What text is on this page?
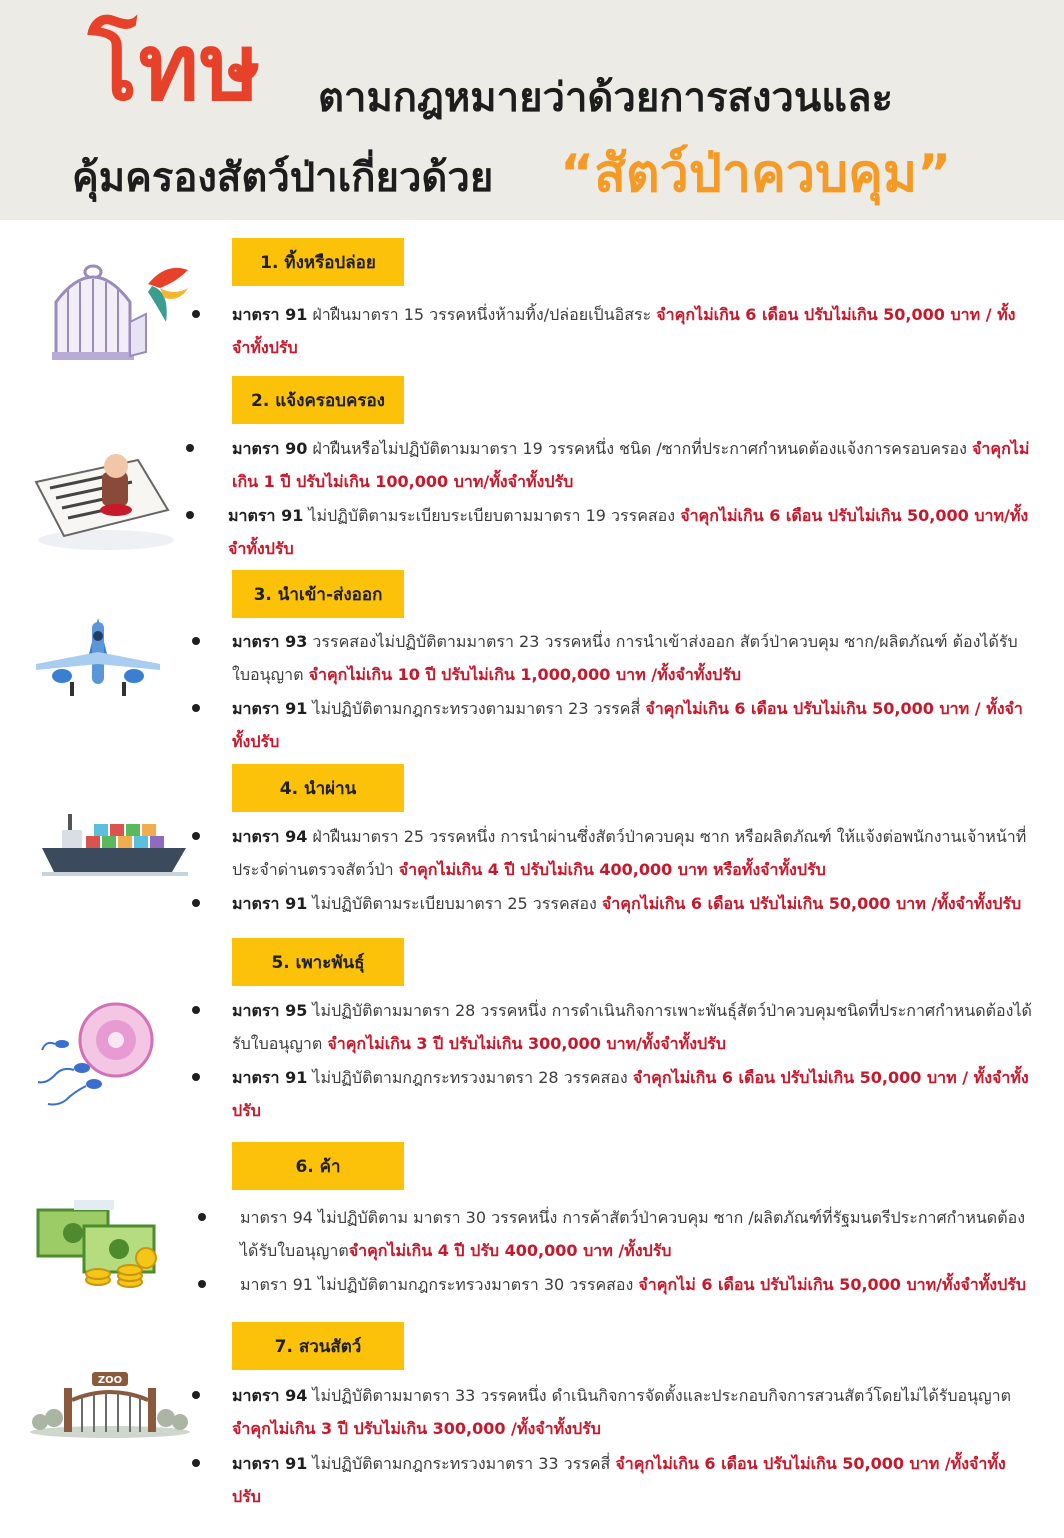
โทษ ตามกฎหมายว่าด้วยการสงวนและ
คุ้มครองสัตว์ป่าเกี่ยวด้วย “สัตว์ป่าควบคุม”
1. ทิ้งหรือปล่อย
มาตรา 91 ฝ่าฝืนมาตรา 15 วรรคหนึ่งห้ามทิ้ง/ปล่อยเป็นอิสระ จำคุกไม่เกิน 6 เดือน ปรับไม่เกิน 50,000 บาท / ทั้งจำทั้งปรับ
2. แจ้งครอบครอง
มาตรา 90 ฝ่าฝืนหรือไม่ปฏิบัติตามมาตรา 19 วรรคหนึ่ง ชนิด /ซากที่ประกาศกำหนดต้องแจ้งการครอบครอง จำคุกไม่เกิน 1 ปี ปรับไม่เกิน 100,000 บาท/ทั้งจำทั้งปรับ
มาตรา 91 ไม่ปฏิบัติตามระเบียบระเบียบตามมาตรา 19 วรรคสอง จำคุกไม่เกิน 6 เดือน ปรับไม่เกิน 50,000 บาท/ทั้งจำทั้งปรับ
3. นำเข้า-ส่งออก
มาตรา 93 วรรคสองไม่ปฏิบัติตามมาตรา 23 วรรคหนึ่ง การนำเข้าส่งออก สัตว์ป่าควบคุม ซาก/ผลิตภัณฑ์ ต้องได้รับใบอนุญาต จำคุกไม่เกิน 10 ปี ปรับไม่เกิน 1,000,000 บาท /ทั้งจำทั้งปรับ
มาตรา 91 ไม่ปฏิบัติตามกฎกระทรวงตามมาตรา 23 วรรคสี่ จำคุกไม่เกิน 6 เดือน ปรับไม่เกิน 50,000 บาท / ทั้งจำทั้งปรับ
4. นำผ่าน
มาตรา 94 ฝ่าฝืนมาตรา 25 วรรคหนึ่ง การนำผ่านซึ่งสัตว์ป่าควบคุม ซาก หรือผลิตภัณฑ์ ให้แจ้งต่อพนักงานเจ้าหน้าที่ประจำด่านตรวจสัตว์ป่า จำคุกไม่เกิน 4 ปี ปรับไม่เกิน 400,000 บาท หรือทั้งจำทั้งปรับ
มาตรา 91 ไม่ปฏิบัติตามระเบียบมาตรา 25 วรรคสอง จำคุกไม่เกิน 6 เดือน ปรับไม่เกิน 50,000 บาท /ทั้งจำทั้งปรับ
5. เพาะพันธุ์
มาตรา 95 ไม่ปฏิบัติตามมาตรา 28 วรรคหนึ่ง การดำเนินกิจการเพาะพันธุ์สัตว์ป่าควบคุมชนิดที่ประกาศกำหนดต้องได้รับใบอนุญาต จำคุกไม่เกิน 3 ปี ปรับไม่เกิน 300,000 บาท/ทั้งจำทั้งปรับ
มาตรา 91 ไม่ปฏิบัติตามกฎกระทรวงมาตรา 28 วรรคสอง จำคุกไม่เกิน 6 เดือน ปรับไม่เกิน 50,000 บาท / ทั้งจำทั้งปรับ
6. ค้า
มาตรา 94 ไม่ปฏิบัติตาม มาตรา 30 วรรคหนึ่ง การค้าสัตว์ป่าควบคุม ซาก /ผลิตภัณฑ์ที่รัฐมนตรีประกาศกำหนดต้องได้รับใบอนุญาตจำคุกไม่เกิน 4 ปี ปรับ 400,000 บาท /ทั้งปรับ
มาตรา 91 ไม่ปฏิบัติตามกฎกระทรวงมาตรา 30 วรรคสอง จำคุกไม่ 6 เดือน ปรับไม่เกิน 50,000 บาท/ทั้งจำทั้งปรับ
ZOO
7. สวนสัตว์
มาตรา 94 ไม่ปฏิบัติตามมาตรา 33 วรรคหนึ่ง ดำเนินกิจการจัดตั้งและประกอบกิจการสวนสัตว์โดยไม่ได้รับอนุญาต จำคุกไม่เกิน 3 ปี ปรับไม่เกิน 300,000 /ทั้งจำทั้งปรับ
มาตรา 91 ไม่ปฏิบัติตามกฎกระทรวงมาตรา 33 วรรคสี่ จำคุกไม่เกิน 6 เดือน ปรับไม่เกิน 50,000 บาท /ทั้งจำทั้งปรับ
